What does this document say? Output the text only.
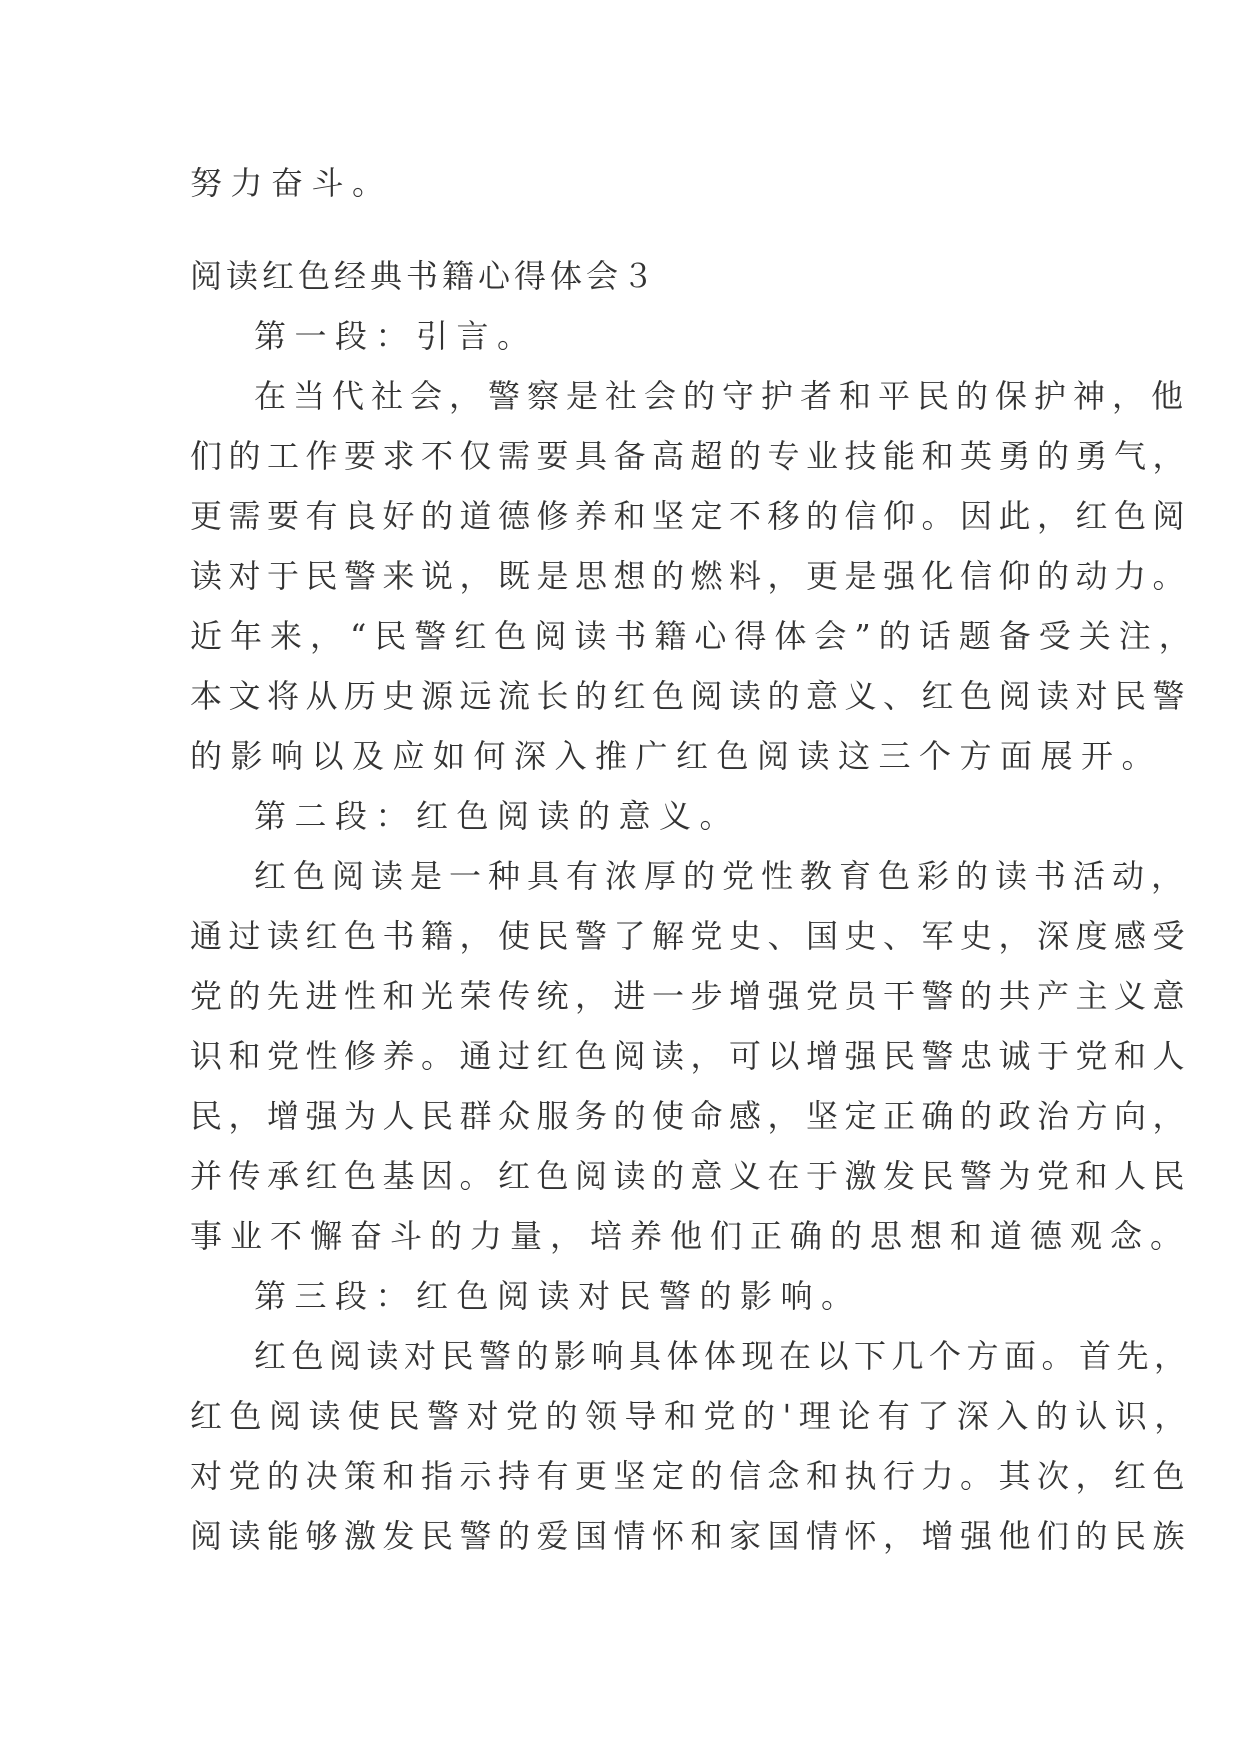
努力奋斗。
阅读红色经典书籍心得体会３
第一段：引言。
在当代社会，警察是社会的守护者和平民的保护神，他
们的工作要求不仅需要具备高超的专业技能和英勇的勇气，
更需要有良好的道德修养和坚定不移的信仰。因此，红色阅
读对于民警来说，既是思想的燃料，更是强化信仰的动力。
近年来，“民警红色阅读书籍心得体会”的话题备受关注，
本文将从历史源远流长的红色阅读的意义、红色阅读对民警
的影响以及应如何深入推广红色阅读这三个方面展开。
第二段：红色阅读的意义。
红色阅读是一种具有浓厚的党性教育色彩的读书活动，
通过读红色书籍，使民警了解党史、国史、军史，深度感受
党的先进性和光荣传统，进一步增强党员干警的共产主义意
识和党性修养。通过红色阅读，可以增强民警忠诚于党和人
民，增强为人民群众服务的使命感，坚定正确的政治方向，
并传承红色基因。红色阅读的意义在于激发民警为党和人民
事业不懈奋斗的力量，培养他们正确的思想和道德观念。
第三段：红色阅读对民警的影响。
红色阅读对民警的影响具体体现在以下几个方面。首先，
红色阅读使民警对党的领导和党的'理论有了深入的认识，
对党的决策和指示持有更坚定的信念和执行力。其次，红色
阅读能够激发民警的爱国情怀和家国情怀，增强他们的民族
